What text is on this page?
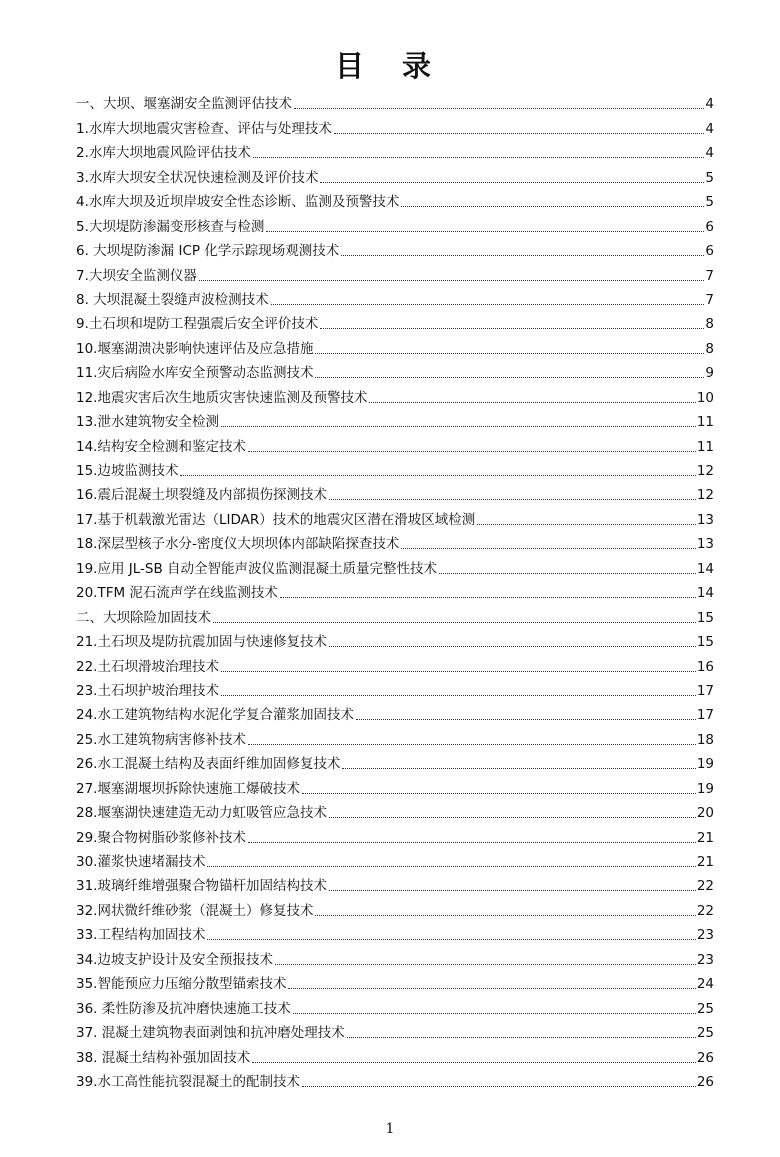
目 录
一、大坝、堰塞湖安全监测评估技术	4
1.水库大坝地震灾害检查、评估与处理技术	4
2.水库大坝地震风险评估技术	4
3.水库大坝安全状况快速检测及评价技术	5
4.水库大坝及近坝岸坡安全性态诊断、监测及预警技术	5
5.大坝堤防渗漏变形核查与检测	6
6. 大坝堤防渗漏 ICP 化学示踪现场观测技术	6
7.大坝安全监测仪器	7
8. 大坝混凝土裂缝声波检测技术	7
9.土石坝和堤防工程强震后安全评价技术	8
10.堰塞湖溃决影响快速评估及应急措施	8
11.灾后病险水库安全预警动态监测技术	9
12.地震灾害后次生地质灾害快速监测及预警技术	10
13.泄水建筑物安全检测	11
14.结构安全检测和鉴定技术	11
15.边坡监测技术	12
16.震后混凝土坝裂缝及内部损伤探测技术	12
17.基于机载激光雷达（LIDAR）技术的地震灾区潜在滑坡区域检测	13
18.深层型核子水分-密度仪大坝坝体内部缺陷探查技术	13
19.应用 JL-SB 自动全智能声波仪监测混凝土质量完整性技术	14
20.TFM 泥石流声学在线监测技术	14
二、大坝除险加固技术	15
21.土石坝及堤防抗震加固与快速修复技术	15
22.土石坝滑坡治理技术	16
23.土石坝护坡治理技术	17
24.水工建筑物结构水泥化学复合灌浆加固技术	17
25.水工建筑物病害修补技术	18
26.水工混凝土结构及表面纤维加固修复技术	19
27.堰塞湖堰坝拆除快速施工爆破技术	19
28.堰塞湖快速建造无动力虹吸管应急技术	20
29.聚合物树脂砂浆修补技术	21
30.灌浆快速堵漏技术	21
31.玻璃纤维增强聚合物锚杆加固结构技术	22
32.网状微纤维砂浆（混凝土）修复技术	22
33.工程结构加固技术	23
34.边坡支护设计及安全预报技术	23
35.智能预应力压缩分散型锚索技术	24
36. 柔性防渗及抗冲磨快速施工技术	25
37. 混凝土建筑物表面剥蚀和抗冲磨处理技术	25
38. 混凝土结构补强加固技术	26
39.水工高性能抗裂混凝土的配制技术	26
1
